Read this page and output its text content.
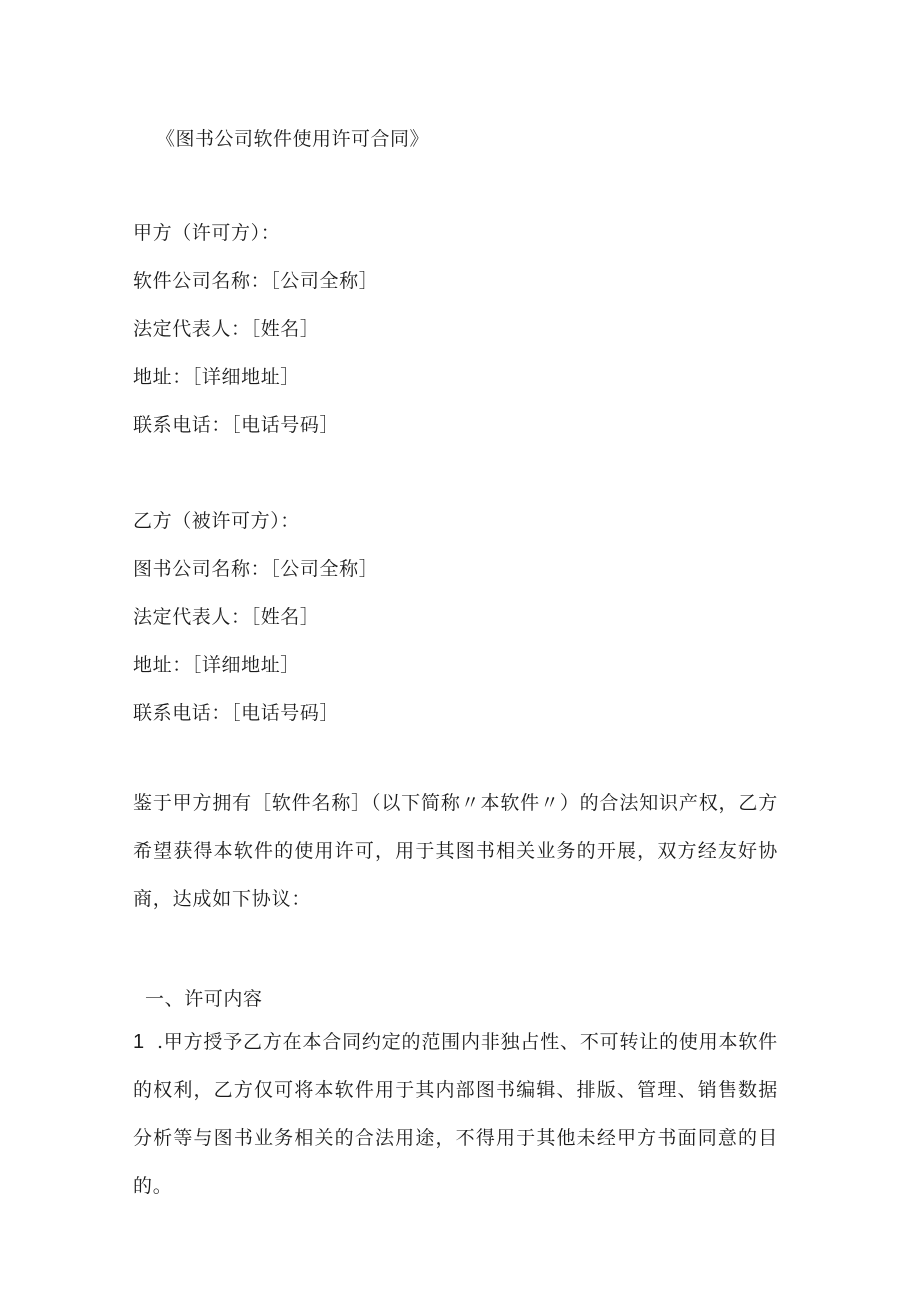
《图书公司软件使用许可合同》
甲方（许可方）：
软件公司名称：［公司全称］
法定代表人：［姓名］
地址：［详细地址］
联系电话：［电话号码］
乙方（被许可方）：
图书公司名称：［公司全称］
法定代表人：［姓名］
地址：［详细地址］
联系电话：［电话号码］
鉴于甲方拥有［软件名称］（以下简称〃本软件〃）的合法知识产权，乙方希望获得本软件的使用许可，用于其图书相关业务的开展，双方经友好协商，达成如下协议：
一、许可内容
1 .甲方授予乙方在本合同约定的范围内非独占性、不可转让的使用本软件的权利，乙方仅可将本软件用于其内部图书编辑、排版、管理、销售数据分析等与图书业务相关的合法用途，不得用于其他未经甲方书面同意的目的。
